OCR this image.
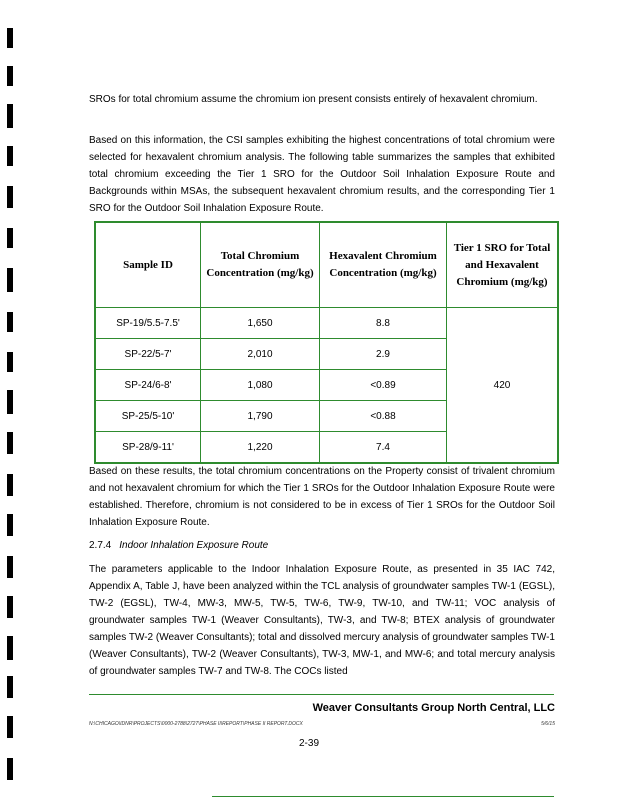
SROs for total chromium assume the chromium ion present consists entirely of hexavalent chromium.

Based on this information, the CSI samples exhibiting the highest concentrations of total chromium were selected for hexavalent chromium analysis. The following table summarizes the samples that exhibited total chromium exceeding the Tier 1 SRO for the Outdoor Soil Inhalation Exposure Route and Backgrounds within MSAs, the subsequent hexavalent chromium results, and the corresponding Tier 1 SRO for the Outdoor Soil Inhalation Exposure Route.

Sample ID	Total Chromium Concentration (mg/kg)	Hexavalent Chromium Concentration (mg/kg)	Tier 1 SRO for Total and Hexavalent Chromium (mg/kg)
SP-19/5.5-7.5'	1,650	8.8	420
SP-22/5-7'	2,010	2.9	
SP-24/6-8'	1,080	<0.89	
SP-25/5-10'	1,790	<0.88	
SP-28/9-11'	1,220	7.4	

Based on these results, the total chromium concentrations on the Property consist of trivalent chromium and not hexavalent chromium for which the Tier 1 SROs for the Outdoor Inhalation Exposure Route were established. Therefore, chromium is not considered to be in excess of Tier 1 SROs for the Outdoor Soil Inhalation Exposure Route.

2.7.4 Indoor Inhalation Exposure Route

The parameters applicable to the Indoor Inhalation Exposure Route, as presented in 35 IAC 742, Appendix A, Table J, have been analyzed within the TCL analysis of groundwater samples TW-1 (EGSL), TW-2 (EGSL), TW-4, MW-3, MW-5, TW-5, TW-6, TW-9, TW-10, and TW-11; VOC analysis of groundwater samples TW-1 (Weaver Consultants), TW-3, and TW-8; BTEX analysis of groundwater samples TW-2 (Weaver Consultants); total and dissolved mercury analysis of groundwater samples TW-1 (Weaver Consultants), TW-2 (Weaver Consultants), TW-3, MW-1, and MW-6; and total mercury analysis of groundwater samples TW-7 and TW-8. The COCs listed

Weaver Consultants Group North Central, LLC

N:\CHICAGO\IDNR\PROJECTS\0000-2788\2727\PHASE II\REPORT\PHASE II REPORT.DOCX	5/6/15

2-39
